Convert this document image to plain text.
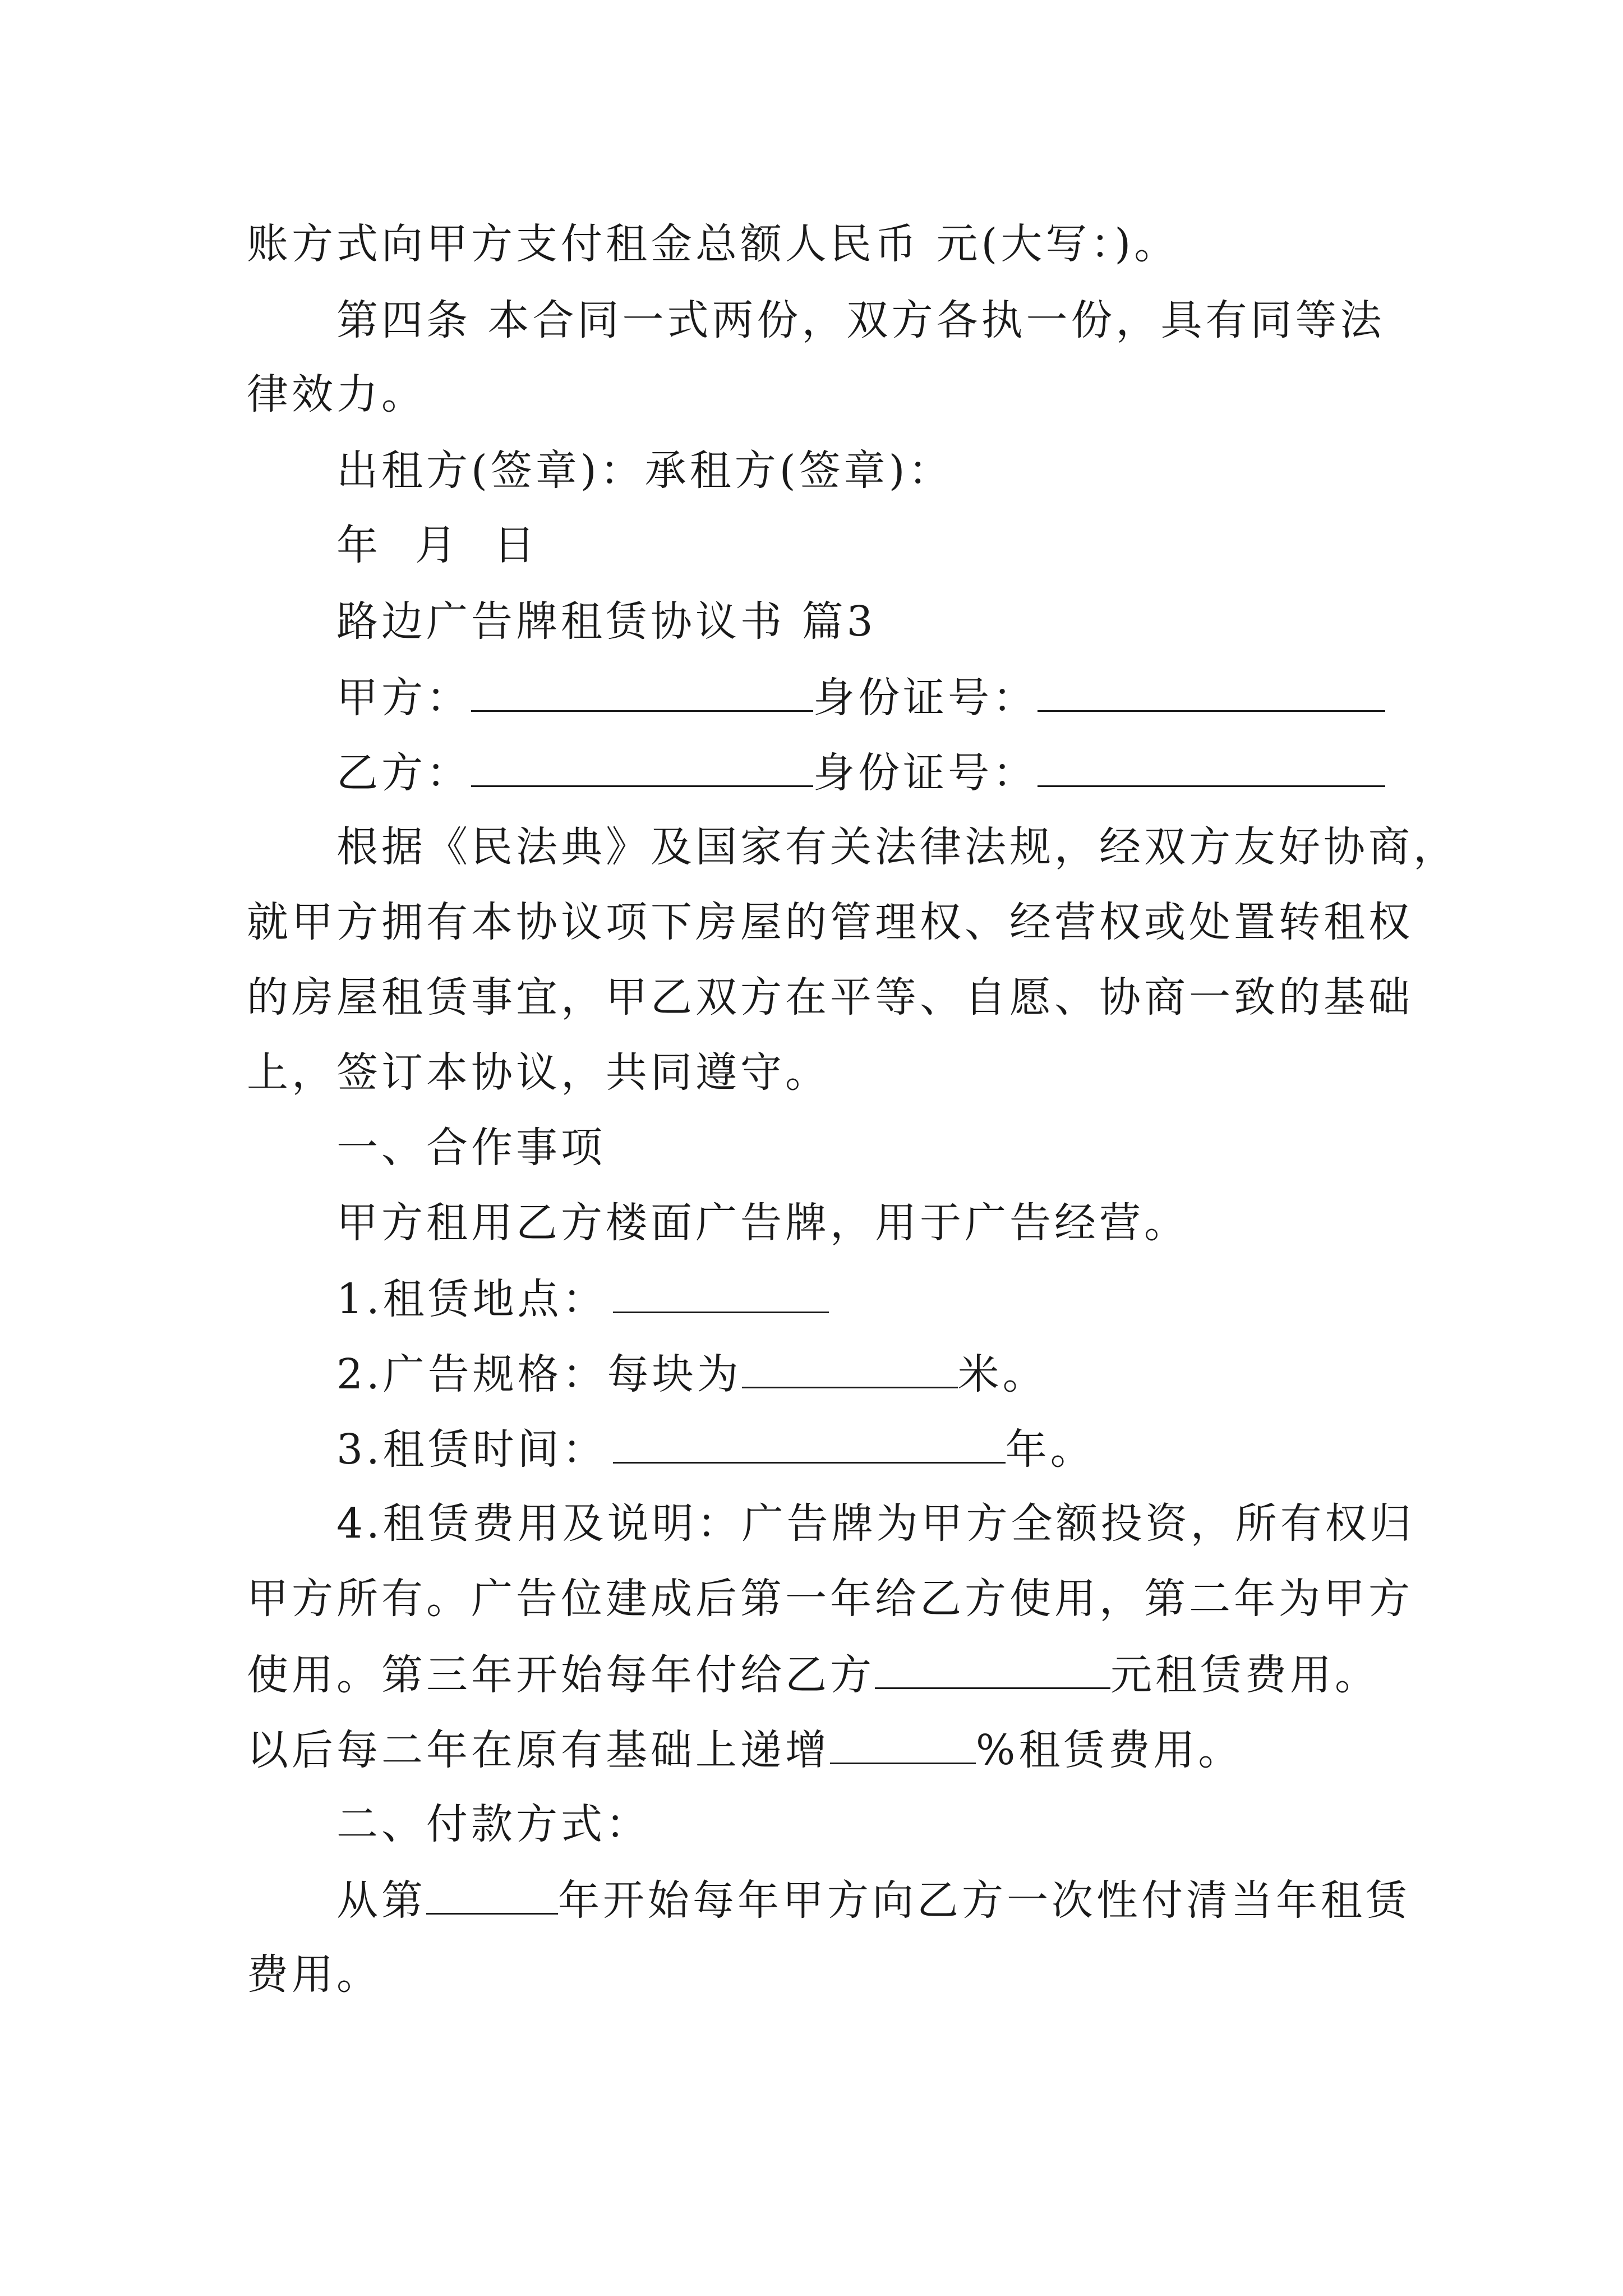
账方式向甲方支付租金总额人民币 元(大写：)。
第四条 本合同一式两份，双方各执一份，具有同等法
律效力。
出租方(签章)：承租方(签章)：
年 月 日
路边广告牌租赁协议书 篇3
甲方：	身份证号：
乙方：	身份证号：
根据《民法典》及国家有关法律法规，经双方友好协商，
就甲方拥有本协议项下房屋的管理权、经营权或处置转租权
的房屋租赁事宜，甲乙双方在平等、自愿、协商一致的基础
上，签订本协议，共同遵守。
一、合作事项
甲方租用乙方楼面广告牌，用于广告经营。
1.租赁地点：
2.广告规格：每块为	米。
3.租赁时间：	年。
4.租赁费用及说明：广告牌为甲方全额投资，所有权归
甲方所有。广告位建成后第一年给乙方使用，第二年为甲方
使用。第三年开始每年付给乙方	元租赁费用。
以后每二年在原有基础上递增	%租赁费用。
二、付款方式：
从第	年开始每年甲方向乙方一次性付清当年租赁
费用。
